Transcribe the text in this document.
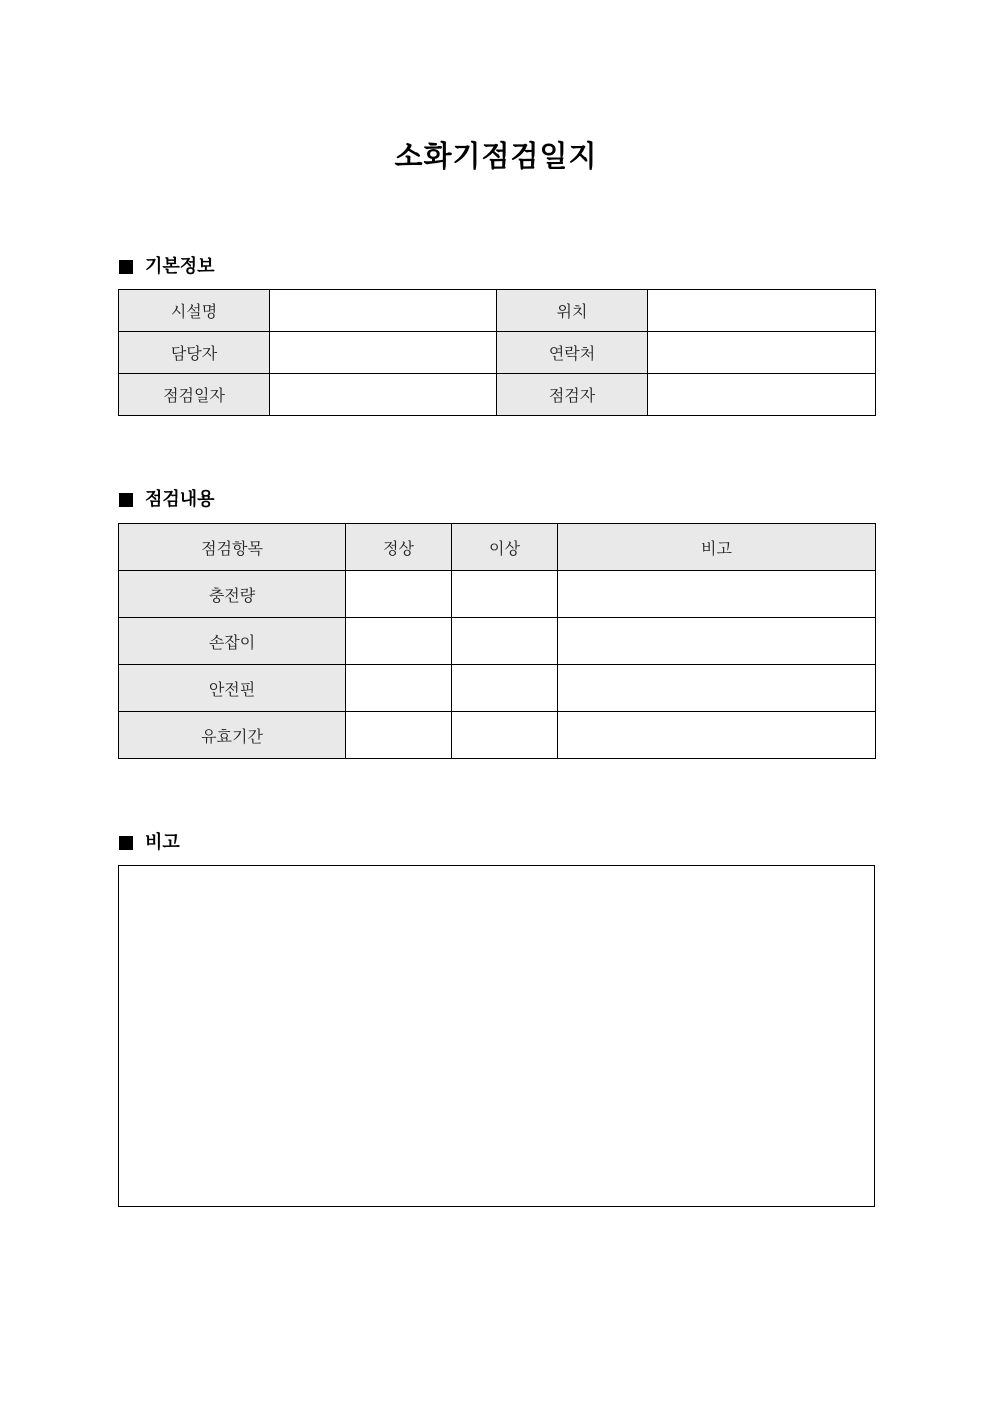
소화기점검일지
기본정보
시설명		위치	
담당자		연락처	
점검일자		점검자	
점검내용
점검항목	정상	이상	비고
충전량			
손잡이			
안전핀			
유효기간			
비고
